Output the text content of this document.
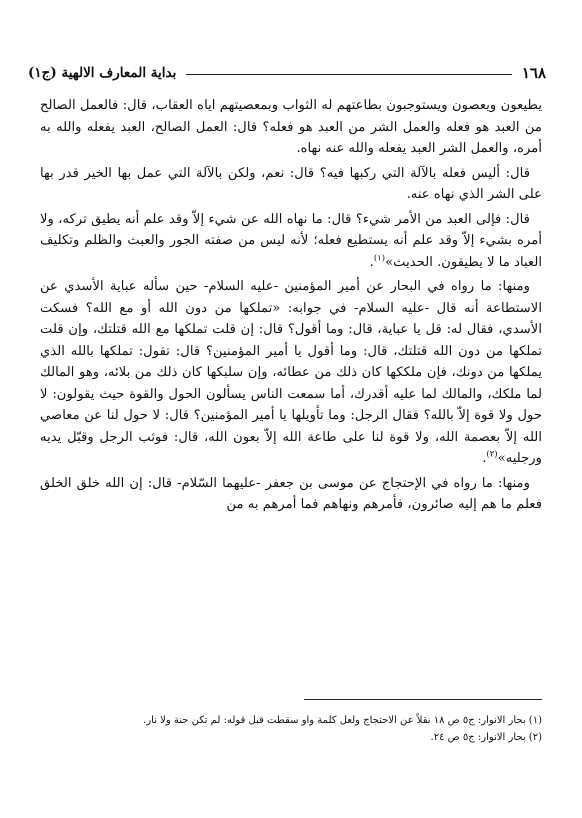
١٦٨
بداية المعارف الالهية (ج١)

يطيعون ويعصون ويستوجبون بطاعتهم له الثواب وبمعصيتهم اياه العقاب، قال: فالعمل الصالح من العبد هو فعله والعمل الشر من العبد هو فعله؟ قال: العمل الصالح، العبد يفعله والله به أمره، والعمل الشر العبد يفعله والله عنه نهاه.

قال: أليس فعله بالآلة التي ركبها فيه؟ قال: نعم، ولكن بالآلة التي عمل بها الخير قدر بها على الشر الذي نهاه عنه.

قال: فإلى العبد من الأمر شيء؟ قال: ما نهاه الله عن شيء إلاّ وقد علم أنه يطيق تركه، ولا أمره بشيء إلاّ وقد علم أنه يستطيع فعله؛ لأنه ليس من صفته الجور والعبث والظلم وتكليف العباد ما لا يطيقون. الحديث»$^{(١)}$.

ومنها: ما رواه في البحار عن أمير المؤمنين -عليه السلام- حين سأله عباية الأسدي عن الاستطاعة أنه قال -عليه السلام- في جوابه: «تملكها من دون الله أو مع الله؟ فسكت الأسدي، فقال له: قل يا عباية، قال: وما أقول؟ قال: إن قلت تملكها مع الله قتلتك، وإن قلت تملكها من دون الله قتلتك، قال: وما أقول يا أمير المؤمنين؟ قال: تقول: تملكها بالله الذي يملكها من دونك، فإن ملككها كان ذلك من عطائه، وإن سلبكها كان ذلك من بلائه، وهو المالك لما ملكك، والمالك لما عليه أقدرك، أما سمعت الناس يسألون الحول والقوة حيث يقولون: لا حول ولا قوة إلاّ بالله؟ فقال الرجل: وما تأويلها يا أمير المؤمنين؟ قال: لا حول لنا عن معاصي الله إلاّ بعصمة الله، ولا قوة لنا على طاعة الله إلاّ بعون الله، قال: فوثب الرجل وقبّل يديه ورجليه»$^{(٢)}$.

ومنها: ما رواه في الإحتجاج عن موسى بن جعفر -عليهما السّلام- قال: إن الله خلق الخلق فعلم ما هم إليه صائرون، فأمرهم ونهاهم فما أمرهم به من

(١) بحار الانوار: ج٥ ص ١٨ نقلاً عن الاحتجاج ولعل كلمة واو سقطت قبل قوله: لم تكن جنة ولا نار.

(٢) بحار الانوار: ج٥ ص ٢٤.
